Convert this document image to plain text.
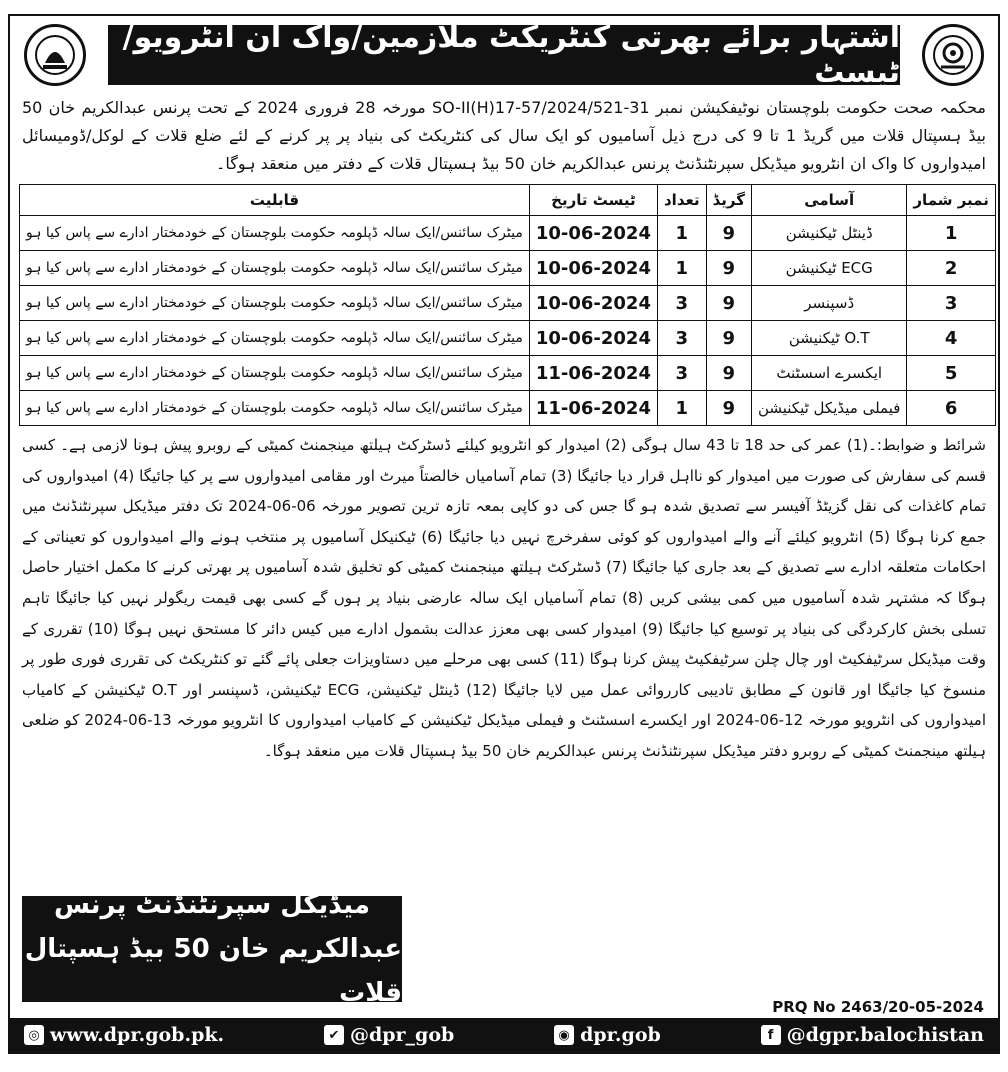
اشتہار برائے بھرتی کنٹریکٹ ملازمین/واک ان انٹرویو/ٹیسٹ
محکمہ صحت حکومت بلوچستان نوٹیفکیشن نمبر SO-II(H)17-57/2024/521-31 مورخہ 28 فروری 2024 کے تحت پرنس عبدالکریم خان 50 بیڈ ہسپتال قلات میں گریڈ 1 تا 9 کی درج ذیل آسامیوں کو ایک سال کی کنٹریکٹ کی بنیاد پر پر کرنے کے لئے ضلع قلات کے لوکل/ڈومیسائل امیدواروں کا واک ان انٹرویو میڈیکل سپرنٹنڈنٹ پرنس عبدالکریم خان 50 بیڈ ہسپتال قلات کے دفتر میں منعقد ہوگا۔
نمبر شمار	آسامی	گریڈ	تعداد	ٹیسٹ تاریخ	قابلیت
1	ڈینٹل ٹیکنیشن	9	1	10-06-2024	میٹرک سائنس/ایک سالہ ڈپلومہ حکومت بلوچستان کے خودمختار ادارے سے پاس کیا ہو
2	ECG ٹیکنیشن	9	1	10-06-2024	میٹرک سائنس/ایک سالہ ڈپلومہ حکومت بلوچستان کے خودمختار ادارے سے پاس کیا ہو
3	ڈسپنسر	9	3	10-06-2024	میٹرک سائنس/ایک سالہ ڈپلومہ حکومت بلوچستان کے خودمختار ادارے سے پاس کیا ہو
4	O.T ٹیکنیشن	9	3	10-06-2024	میٹرک سائنس/ایک سالہ ڈپلومہ حکومت بلوچستان کے خودمختار ادارے سے پاس کیا ہو
5	ایکسرے اسسٹنٹ	9	3	11-06-2024	میٹرک سائنس/ایک سالہ ڈپلومہ حکومت بلوچستان کے خودمختار ادارے سے پاس کیا ہو
6	فیملی میڈیکل ٹیکنیشن	9	1	11-06-2024	میٹرک سائنس/ایک سالہ ڈپلومہ حکومت بلوچستان کے خودمختار ادارے سے پاس کیا ہو
شرائط و ضوابط:۔(1) عمر کی حد 18 تا 43 سال ہوگی (2) امیدوار کو انٹرویو کیلئے ڈسٹرکٹ ہیلتھ مینجمنٹ کمیٹی کے روبرو پیش ہونا لازمی ہے۔ کسی قسم کی سفارش کی صورت میں امیدوار کو نااہل قرار دیا جائیگا (3) تمام آسامیاں خالصتاً میرٹ اور مقامی امیدواروں سے پر کیا جائیگا (4) امیدواروں کی تمام کاغذات کی نقل گزیٹڈ آفیسر سے تصدیق شدہ ہو گا جس کی دو کاپی بمعہ تازہ ترین تصویر مورخہ 06-06-2024 تک دفتر میڈیکل سپرنٹنڈنٹ میں جمع کرنا ہوگا (5) انٹرویو کیلئے آنے والے امیدواروں کو کوئی سفرخرچ نہیں دیا جائیگا (6) ٹیکنیکل آسامیوں پر منتخب ہونے والے امیدواروں کو تعیناتی کے احکامات متعلقہ ادارے سے تصدیق کے بعد جاری کیا جائیگا (7) ڈسٹرکٹ ہیلتھ مینجمنٹ کمیٹی کو تخلیق شدہ آسامیوں پر بھرتی کرنے کا مکمل اختیار حاصل ہوگا کہ مشتہر شدہ آسامیوں میں کمی بیشی کریں (8) تمام آسامیاں ایک سالہ عارضی بنیاد پر ہوں گے کسی بھی قیمت ریگولر نہیں کیا جائیگا تاہم تسلی بخش کارکردگی کی بنیاد پر توسیع کیا جائیگا (9) امیدوار کسی بھی معزز عدالت بشمول ادارے میں کیس دائر کا مستحق نہیں ہوگا (10) تقرری کے وقت میڈیکل سرٹیفکیٹ اور چال چلن سرٹیفکیٹ پیش کرنا ہوگا (11) کسی بھی مرحلے میں دستاویزات جعلی پائے گئے تو کنٹریکٹ کی تقرری فوری طور پر منسوخ کیا جائیگا اور قانون کے مطابق تادیبی کارروائی عمل میں لایا جائیگا (12) ڈینٹل ٹیکنیشن، ECG ٹیکنیشن، ڈسپنسر اور O.T ٹیکنیشن کے کامیاب امیدواروں کی انٹرویو مورخہ 12-06-2024 اور ایکسرے اسسٹنٹ و فیملی میڈیکل ٹیکنیشن کے کامیاب امیدواروں کا انٹرویو مورخہ 13-06-2024 کو ضلعی ہیلتھ مینجمنٹ کمیٹی کے روبرو دفتر میڈیکل سپرنٹنڈنٹ پرنس عبدالکریم خان 50 بیڈ ہسپتال قلات میں منعقد ہوگا۔
میڈیکل سپرنٹنڈنٹ پرنس
عبدالکریم خان 50 بیڈ ہسپتال قلات	PRQ No 2463/20-05-2024
◎ www.dpr.gob.pk.	✔ @dpr_gob	◉ dpr.gob	f @dgpr.balochistan
